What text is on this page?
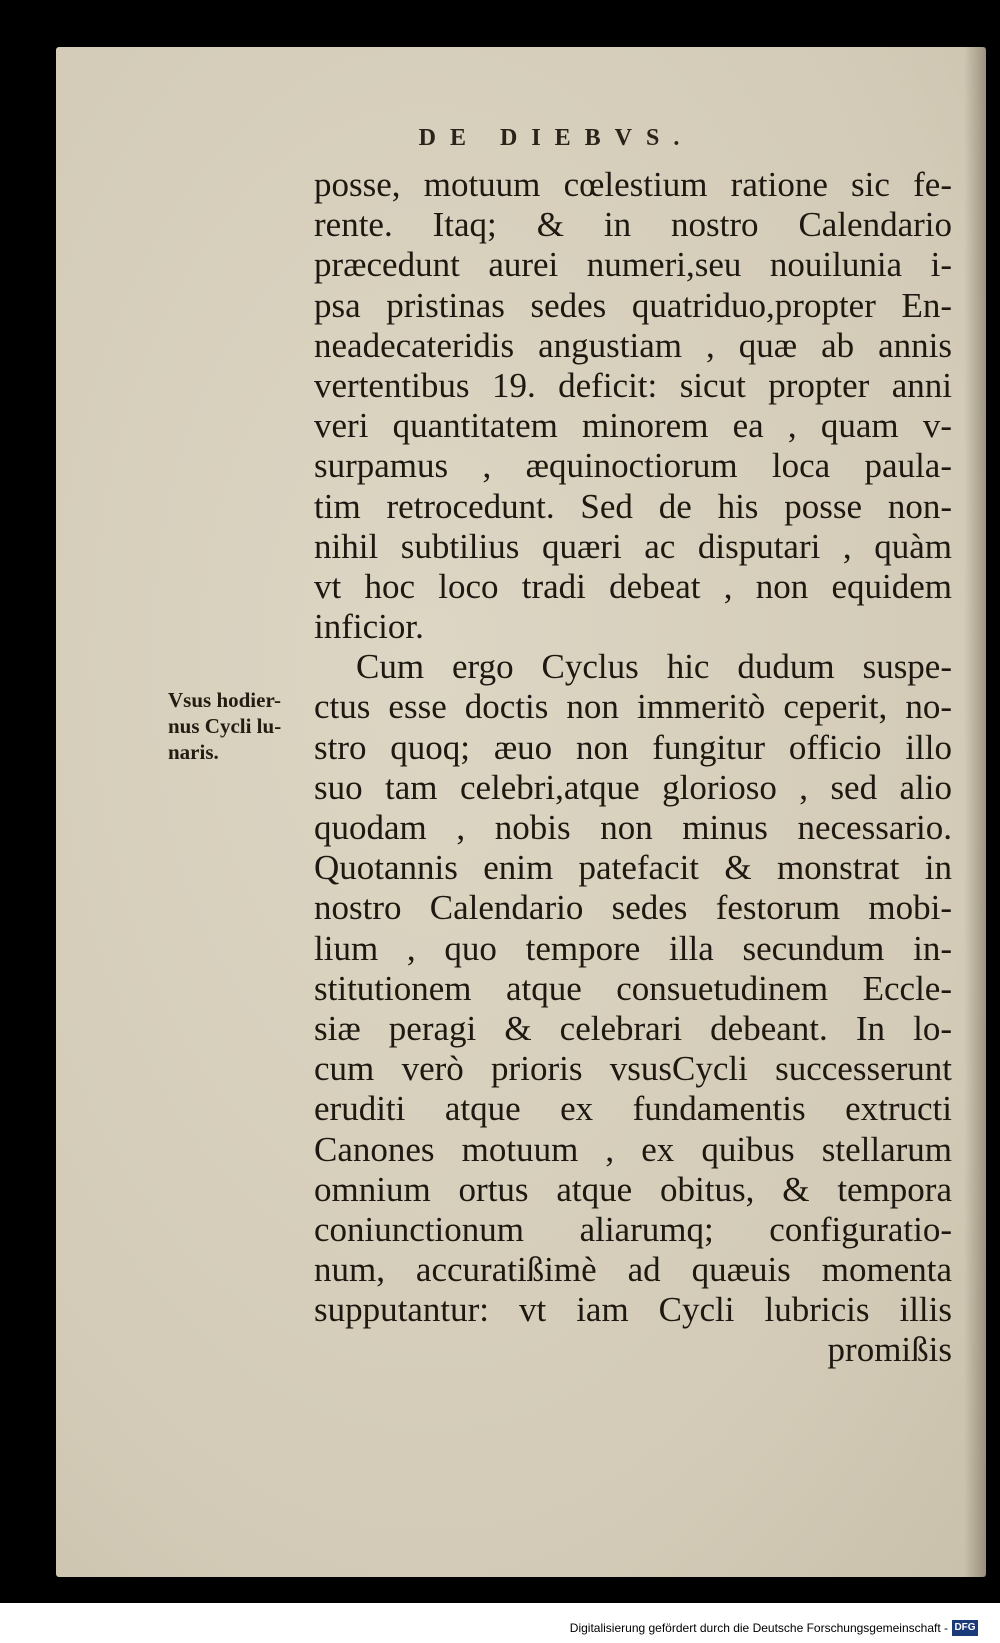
DE DIEBVS.
Vsus hodier-
nus Cycli lu-
naris.
posse, motuum cœlestium ratione sic fe-
rente. Itaq; & in nostro Calendario
præcedunt aurei numeri,seu nouilunia i-
psa pristinas sedes quatriduo,propter En-
neadecateridis angustiam , quæ ab annis
vertentibus 19. deficit: sicut propter anni
veri quantitatem minorem ea , quam v-
surpamus , æquinoctiorum loca paula-
tim retrocedunt. Sed de his posse non-
nihil subtilius quæri ac disputari , quàm
vt hoc loco tradi debeat , non equidem
inficior.
Cum ergo Cyclus hic dudum suspe-
ctus esse doctis non immeritò ceperit, no-
stro quoq; æuo non fungitur officio illo
suo tam celebri,atque glorioso , sed alio
quodam , nobis non minus necessario.
Quotannis enim patefacit & monstrat in
nostro Calendario sedes festorum mobi-
lium , quo tempore illa secundum in-
stitutionem atque consuetudinem Eccle-
siæ peragi & celebrari debeant. In lo-
cum verò prioris vsusCycli successerunt
eruditi atque ex fundamentis extructi
Canones motuum , ex quibus stellarum
omnium ortus atque obitus, & tempora
coniunctionum aliarumq; configuratio-
num, accuratißimè ad quæuis momenta
supputantur: vt iam Cycli lubricis illis
promißis
Digitalisierung gefördert durch die Deutsche Forschungsgemeinschaft - DFG
